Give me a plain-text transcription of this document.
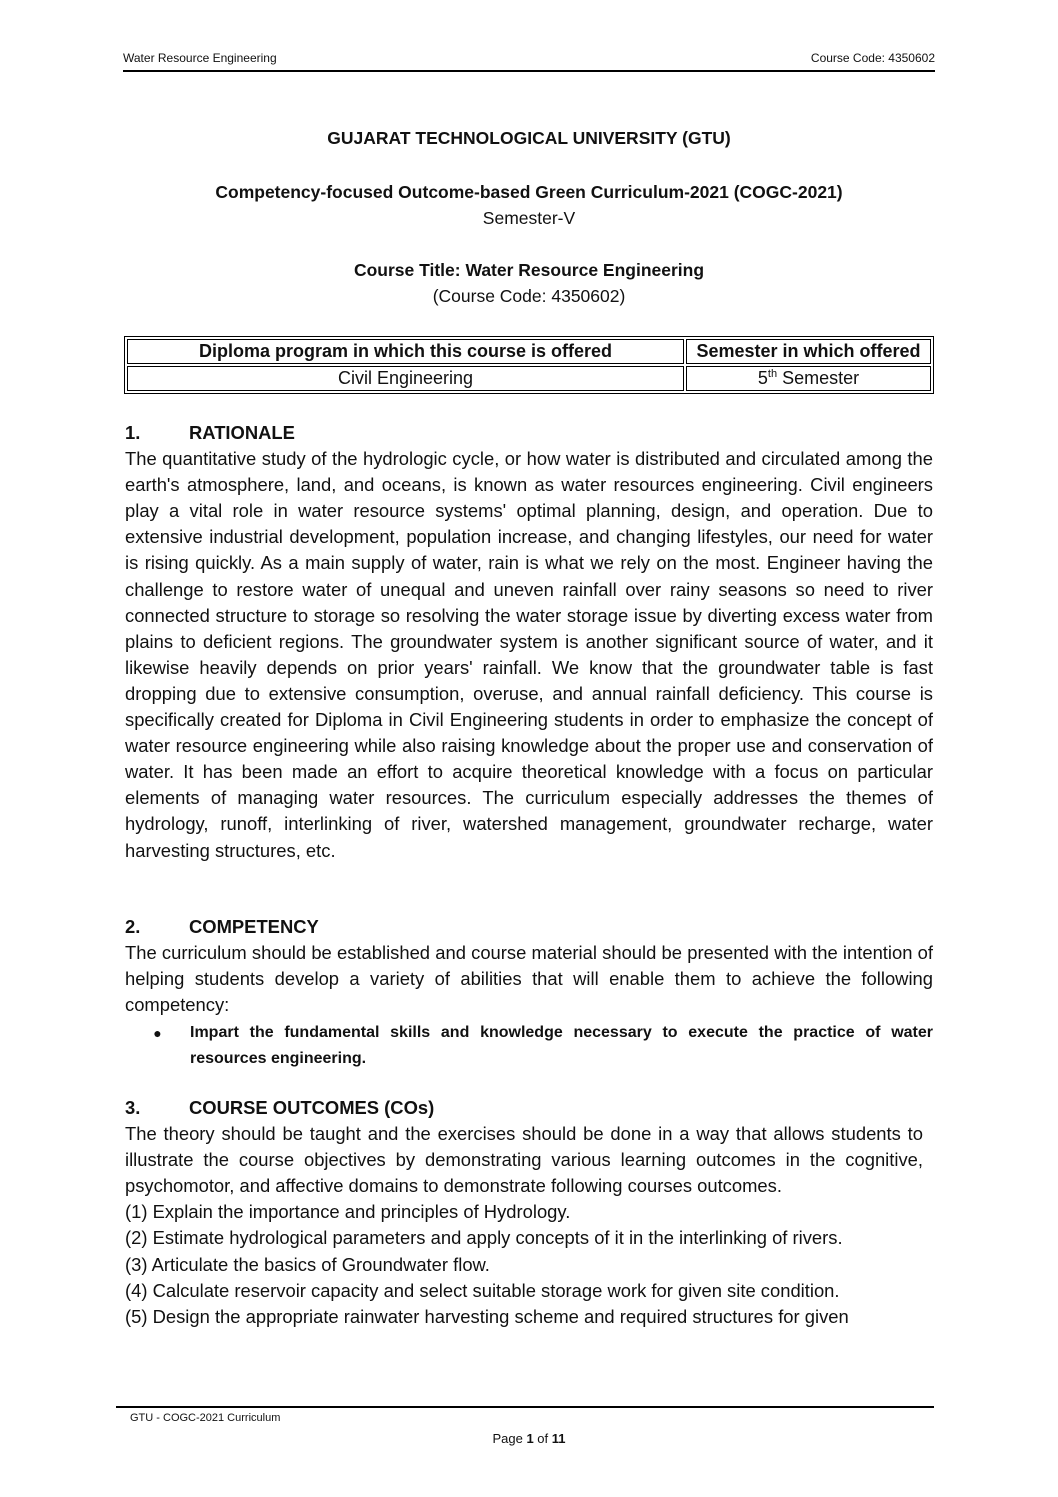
Water Resource Engineering	Course Code: 4350602
GUJARAT TECHNOLOGICAL UNIVERSITY (GTU)
Competency-focused Outcome-based Green Curriculum-2021 (COGC-2021)
Semester-V
Course Title: Water Resource Engineering
(Course Code: 4350602)
Diploma program in which this course is offered	Semester in which offered
Civil Engineering	5th Semester
1.	RATIONALE
The quantitative study of the hydrologic cycle, or how water is distributed and circulated among the earth's atmosphere, land, and oceans, is known as water resources engineering. Civil engineers play a vital role in water resource systems' optimal planning, design, and operation. Due to extensive industrial development, population increase, and changing lifestyles, our need for water is rising quickly. As a main supply of water, rain is what we rely on the most. Engineer having the challenge to restore water of unequal and uneven rainfall over rainy seasons so need to river connected structure to storage so resolving the water storage issue by diverting excess water from plains to deficient regions. The groundwater system is another significant source of water, and it likewise heavily depends on prior years' rainfall. We know that the groundwater table is fast dropping due to extensive consumption, overuse, and annual rainfall deficiency. This course is specifically created for Diploma in Civil Engineering students in order to emphasize the concept of water resource engineering while also raising knowledge about the proper use and conservation of water. It has been made an effort to acquire theoretical knowledge with a focus on particular elements of managing water resources. The curriculum especially addresses the themes of hydrology, runoff, interlinking of river, watershed management, groundwater recharge, water harvesting structures, etc.
2.	COMPETENCY
The curriculum should be established and course material should be presented with the intention of helping students develop a variety of abilities that will enable them to achieve the following competency:
●	Impart the fundamental skills and knowledge necessary to execute the practice of water resources engineering.
3.	COURSE OUTCOMES (COs)
The theory should be taught and the exercises should be done in a way that allows students to illustrate the course objectives by demonstrating various learning outcomes in the cognitive, psychomotor, and affective domains to demonstrate following courses outcomes.
(1) Explain the importance and principles of Hydrology.
(2) Estimate hydrological parameters and apply concepts of it in the interlinking of rivers.
(3) Articulate the basics of Groundwater flow.
(4) Calculate reservoir capacity and select suitable storage work for given site condition.
(5) Design the appropriate rainwater harvesting scheme and required structures for given
GTU - COGC-2021 Curriculum
Page 1 of 11
